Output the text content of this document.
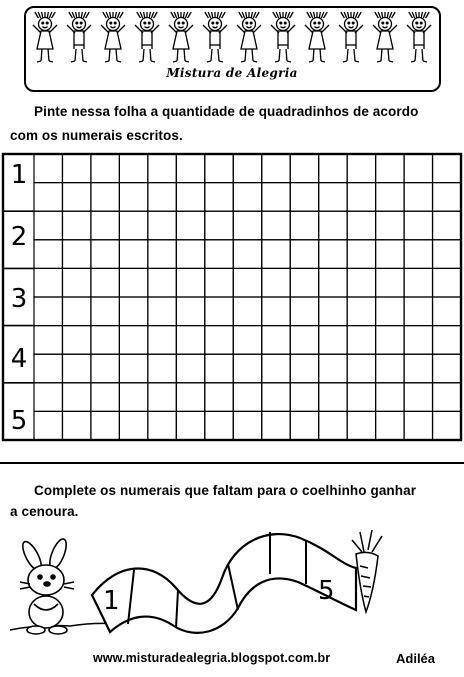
Mistura de Alegria
Pinte nessa folha a quantidade de quadradinhos de acordo
com os numerais escritos.
1
2
3
4
5
Complete os numerais que faltam para o coelhinho ganhar
a cenoura.
1	5
www.misturadealegria.blogspot.com.br	Adiléa
